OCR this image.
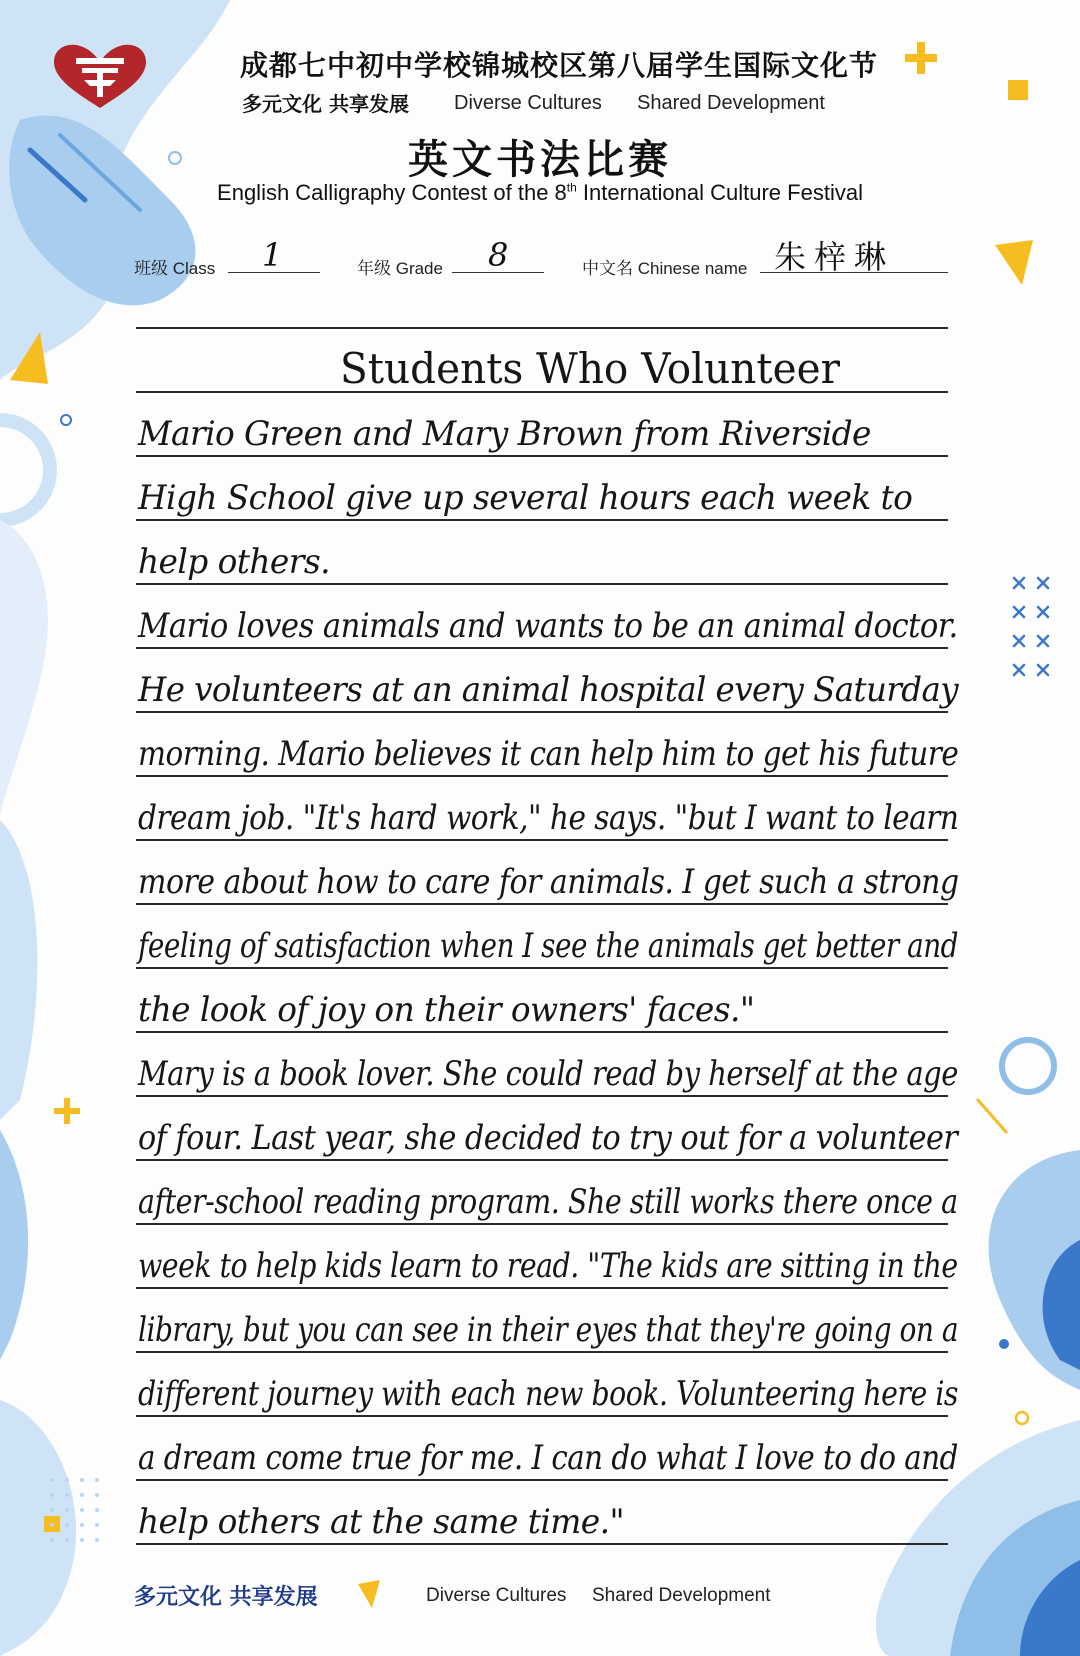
成都七中初中学校锦城校区第八届学生国际文化节
多元文化 共享发展 Diverse Cultures Shared Development
英文书法比赛
English Calligraphy Contest of the 8th International Culture Festival
班级 Class 1	年级 Grade 8	中文名 Chinese name 朱梓琳
Students Who Volunteer
Mario Green and Mary Brown from Riverside
High School give up several hours each week to
help others.
Mario loves animals and wants to be an animal doctor.
He volunteers at an animal hospital every Saturday
morning. Mario believes it can help him to get his future
dream job. "It's hard work," he says. "but I want to learn
more about how to care for animals. I get such a strong
feeling of satisfaction when I see the animals get better and
the look of joy on their owners' faces."
Mary is a book lover. She could read by herself at the age
of four. Last year, she decided to try out for a volunteer
after-school reading program. She still works there once a
week to help kids learn to read. "The kids are sitting in the
library, but you can see in their eyes that they're going on a
different journey with each new book. Volunteering here is
a dream come true for me. I can do what I love to do and
help others at the same time."
多元文化 共享发展	Diverse Cultures Shared Development
